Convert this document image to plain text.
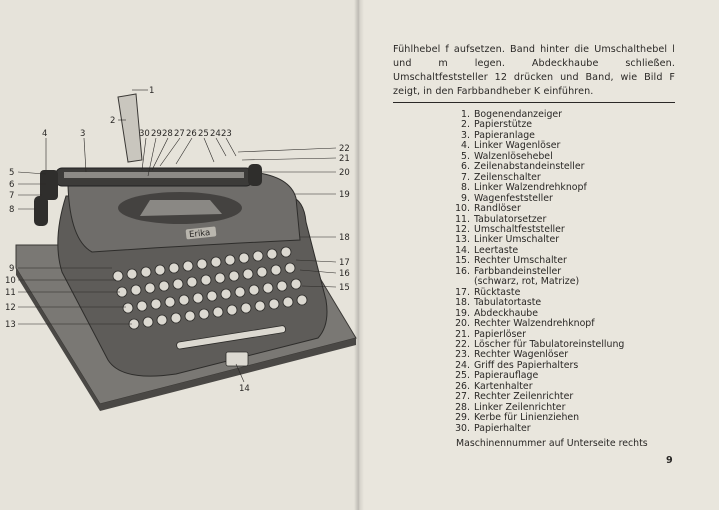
Erika
1
2
3
4
5
6
7
8
9
10
11
12
13
14
15
16
17
18
19
20
21
22
23
24
25
26
27
28
29
30

Fühlhebel f aufsetzen. Band hinter die Umschalthebel l und m legen. Abdeckhaube schließen. Umschaltfeststeller 12 drücken und Band, wie Bild F zeigt, in den Farbbandheber K einführen.

1. Bogenendanzeiger
2. Papierstütze
3. Papieranlage
4. Linker Wagenlöser
5. Walzenlösehebel
6. Zeilenabstandeinsteller
7. Zeilenschalter
8. Linker Walzendrehknopf
9. Wagenfeststeller
10. Randlöser
11. Tabulatorsetzer
12. Umschaltfeststeller
13. Linker Umschalter
14. Leertaste
15. Rechter Umschalter
16. Farbbandeinsteller
(schwarz, rot, Matrize)
17. Rücktaste
18. Tabulatortaste
19. Abdeckhaube
20. Rechter Walzendrehknopf
21. Papierlöser
22. Löscher für Tabulatoreinstellung
23. Rechter Wagenlöser
24. Griff des Papierhalters
25. Papierauflage
26. Kartenhalter
27. Rechter Zeilenrichter
28. Linker Zeilenrichter
29. Kerbe für Linienziehen
30. Papierhalter
Maschinennummer auf Unterseite rechts
9
